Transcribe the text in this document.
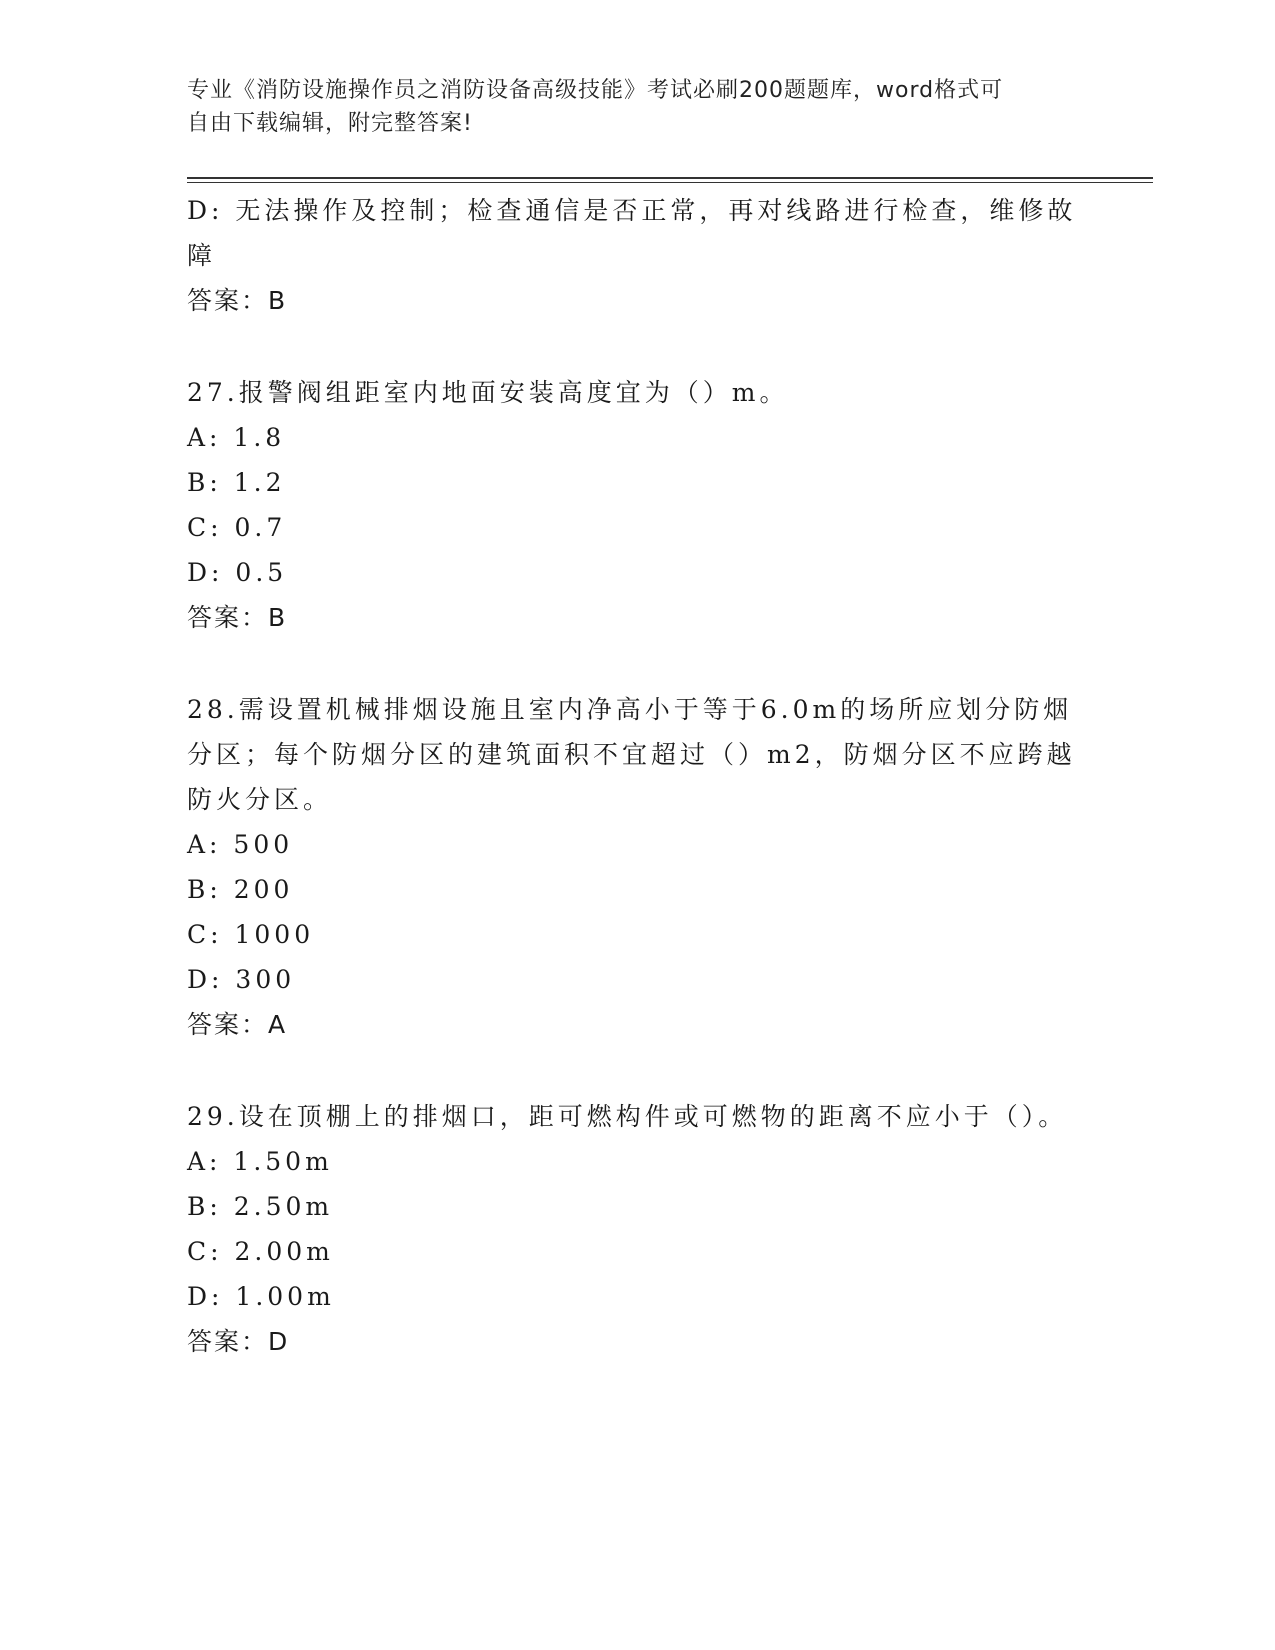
专业《消防设施操作员之消防设备高级技能》考试必刷200题题库，word格式可
自由下载编辑，附完整答案!
D: 无法操作及控制；检查通信是否正常，再对线路进行检查，维修故
障
答案：B
27.报警阀组距室内地面安装高度宜为（）m。
A: 1.8
B: 1.2
C: 0.7
D: 0.5
答案：B
28.需设置机械排烟设施且室内净高小于等于6.0m的场所应划分防烟
分区；每个防烟分区的建筑面积不宜超过（）m2，防烟分区不应跨越
防火分区。
A: 500
B: 200
C: 1000
D: 300
答案：A
29.设在顶棚上的排烟口，距可燃构件或可燃物的距离不应小于（）。
A: 1.50m
B: 2.50m
C: 2.00m
D: 1.00m
答案：D
